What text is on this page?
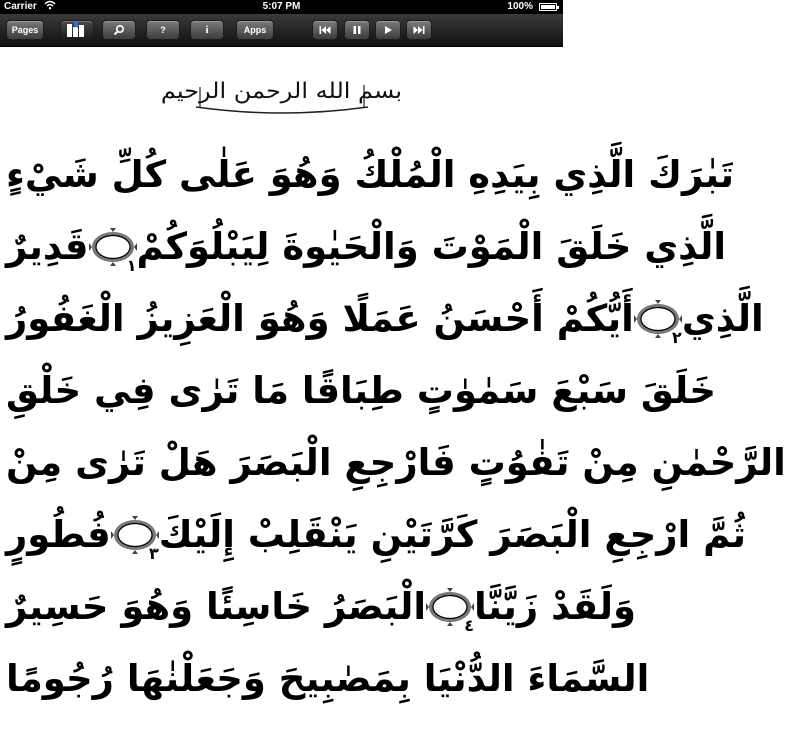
Carrier	5:07 PM	100%
Pages	?	i	Apps
بسم الله الرحمن الرحيم
تَبٰرَكَ الَّذِي بِيَدِهِ الْمُلْكُ وَهُوَ عَلٰى كُلِّ شَيْءٍ
قَدِيرٌ	١ الَّذِي خَلَقَ الْمَوْتَ وَالْحَيٰوةَ لِيَبْلُوَكُمْ
أَيُّكُمْ أَحْسَنُ عَمَلًا وَهُوَ الْعَزِيزُ الْغَفُورُ	٢ الَّذِي
خَلَقَ سَبْعَ سَمٰوٰتٍ طِبَاقًا مَا تَرٰى فِي خَلْقِ
الرَّحْمٰنِ مِنْ تَفٰوُتٍ فَارْجِعِ الْبَصَرَ هَلْ تَرٰى مِنْ
فُطُورٍ	٣ ثُمَّ ارْجِعِ الْبَصَرَ كَرَّتَيْنِ يَنْقَلِبْ إِلَيْكَ
الْبَصَرُ خَاسِئًا وَهُوَ حَسِيرٌ	٤ وَلَقَدْ زَيَّنَّا
السَّمَاءَ الدُّنْيَا بِمَصٰبِيحَ وَجَعَلْنٰهَا رُجُومًا
